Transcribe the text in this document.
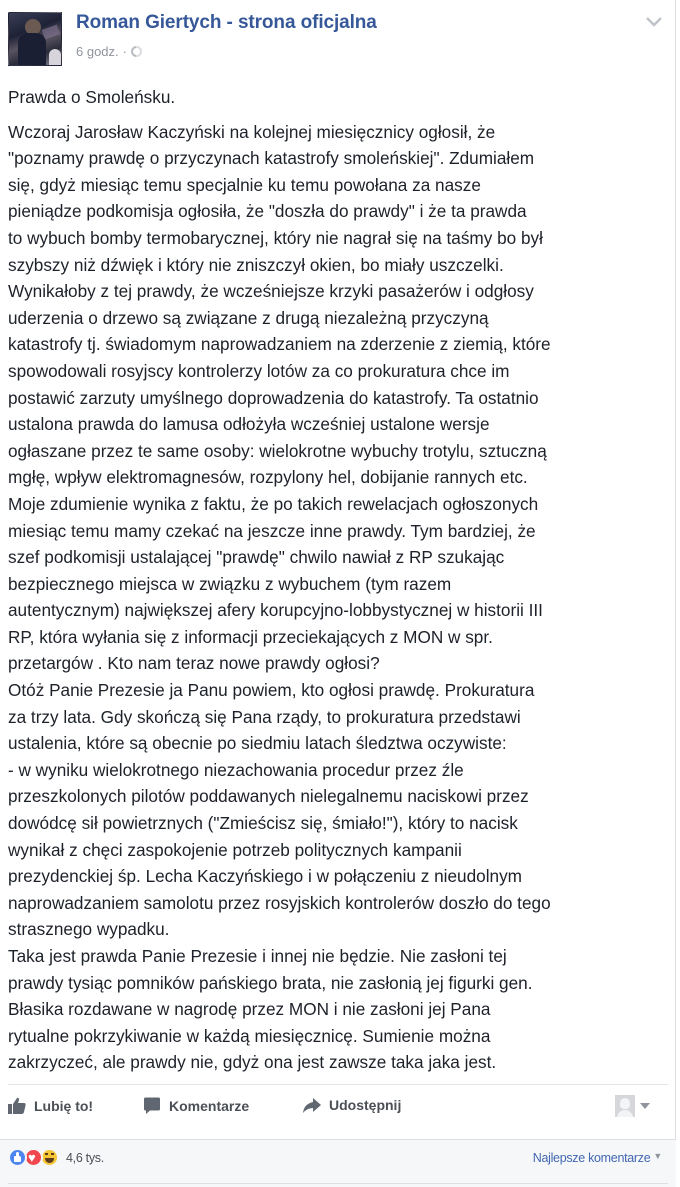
Roman Giertych - strona oficjalna
6 godz. ·
Prawda o Smoleńsku.
Wczoraj Jarosław Kaczyński na kolejnej miesięcznicy ogłosił, że
"poznamy prawdę o przyczynach katastrofy smoleńskiej". Zdumiałem
się, gdyż miesiąc temu specjalnie ku temu powołana za nasze
pieniądze podkomisja ogłosiła, że "doszła do prawdy" i że ta prawda
to wybuch bomby termobarycznej, który nie nagrał się na taśmy bo był
szybszy niż dźwięk i który nie zniszczył okien, bo miały uszczelki.
Wynikałoby z tej prawdy, że wcześniejsze krzyki pasażerów i odgłosy
uderzenia o drzewo są związane z drugą niezależną przyczyną
katastrofy tj. świadomym naprowadzaniem na zderzenie z ziemią, które
spowodowali rosyjscy kontrolerzy lotów za co prokuratura chce im
postawić zarzuty umyślnego doprowadzenia do katastrofy. Ta ostatnio
ustalona prawda do lamusa odłożyła wcześniej ustalone wersje
ogłaszane przez te same osoby: wielokrotne wybuchy trotylu, sztuczną
mgłę, wpływ elektromagnesów, rozpylony hel, dobijanie rannych etc.
Moje zdumienie wynika z faktu, że po takich rewelacjach ogłoszonych
miesiąc temu mamy czekać na jeszcze inne prawdy. Tym bardziej, że
szef podkomisji ustalającej "prawdę" chwilo nawiał z RP szukając
bezpiecznego miejsca w związku z wybuchem (tym razem
autentycznym) największej afery korupcyjno-lobbystycznej w historii III
RP, która wyłania się z informacji przeciekających z MON w spr.
przetargów . Kto nam teraz nowe prawdy ogłosi?
Otóż Panie Prezesie ja Panu powiem, kto ogłosi prawdę. Prokuratura
za trzy lata. Gdy skończą się Pana rządy, to prokuratura przedstawi
ustalenia, które są obecnie po siedmiu latach śledztwa oczywiste:
- w wyniku wielokrotnego niezachowania procedur przez źle
przeszkolonych pilotów poddawanych nielegalnemu naciskowi przez
dowódcę sił powietrznych ("Zmieścisz się, śmiało!"), który to nacisk
wynikał z chęci zaspokojenie potrzeb politycznych kampanii
prezydenckiej śp. Lecha Kaczyńskiego i w połączeniu z nieudolnym
naprowadzaniem samolotu przez rosyjskich kontrolerów doszło do tego
strasznego wypadku.
Taka jest prawda Panie Prezesie i innej nie będzie. Nie zasłoni tej
prawdy tysiąc pomników pańskiego brata, nie zasłonią jej figurki gen.
Błasika rozdawane w nagrodę przez MON i nie zasłoni jej Pana
rytualne pokrzykiwanie w każdą miesięcznicę. Sumienie można
zakrzyczeć, ale prawdy nie, gdyż ona jest zawsze taka jaka jest.
Lubię to!	Komentarze	Udostępnij
♥
4,6 tys.	Najlepsze komentarze ▼
